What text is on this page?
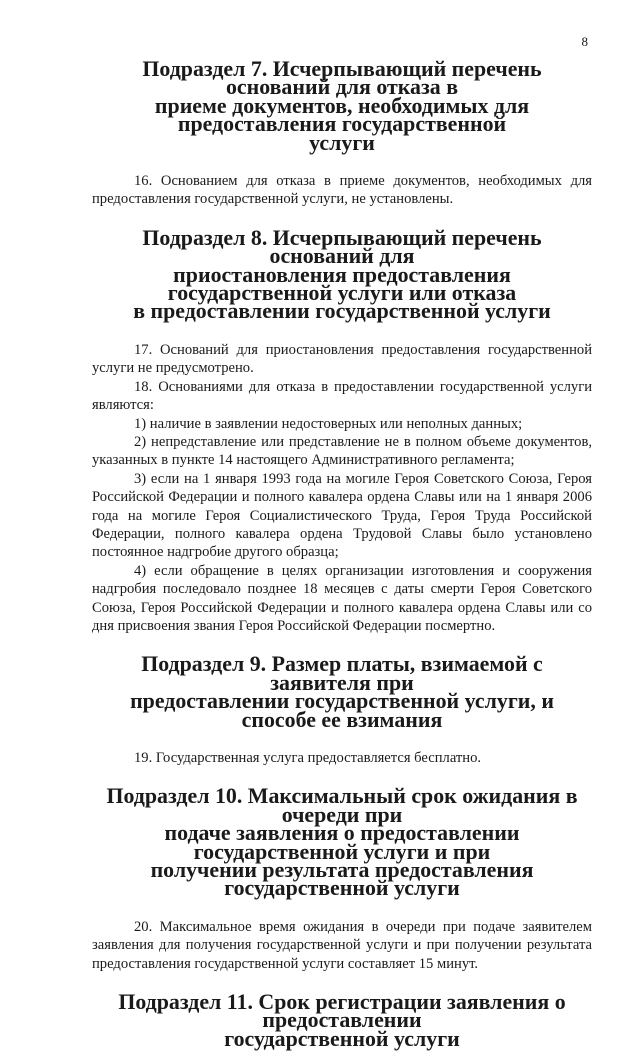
8
Подраздел 7. Исчерпывающий перечень оснований для отказа в
приеме документов, необходимых для предоставления государственной
услуги

16. Основанием для отказа в приеме документов, необходимых для предоставления государственной услуги, не установлены.

Подраздел 8. Исчерпывающий перечень оснований для
приостановления предоставления государственной услуги или отказа
в предоставлении государственной услуги

17. Оснований для приостановления предоставления государственной услуги не предусмотрено.

18. Основаниями для отказа в предоставлении государственной услуги являются:

1) наличие в заявлении недостоверных или неполных данных;

2) непредставление или представление не в полном объеме документов, указанных в пункте 14 настоящего Административного регламента;

3) если на 1 января 1993 года на могиле Героя Советского Союза, Героя Российской Федерации и полного кавалера ордена Славы или на 1 января 2006 года на могиле Героя Социалистического Труда, Героя Труда Российской Федерации, полного кавалера ордена Трудовой Славы было установлено постоянное надгробие другого образца;

4) если обращение в целях организации изготовления и сооружения надгробия последовало позднее 18 месяцев с даты смерти Героя Советского Союза, Героя Российской Федерации и полного кавалера ордена Славы или со дня присвоения звания Героя Российской Федерации посмертно.

Подраздел 9. Размер платы, взимаемой с заявителя при
предоставлении государственной услуги, и способе ее взимания

19. Государственная услуга предоставляется бесплатно.

Подраздел 10. Максимальный срок ожидания в очереди при
подаче заявления о предоставлении государственной услуги и при
получении результата предоставления государственной услуги

20. Максимальное время ожидания в очереди при подаче заявителем заявления для получения государственной услуги и при получении результата предоставления государственной услуги составляет 15 минут.

Подраздел 11. Срок регистрации заявления о предоставлении
государственной услуги
